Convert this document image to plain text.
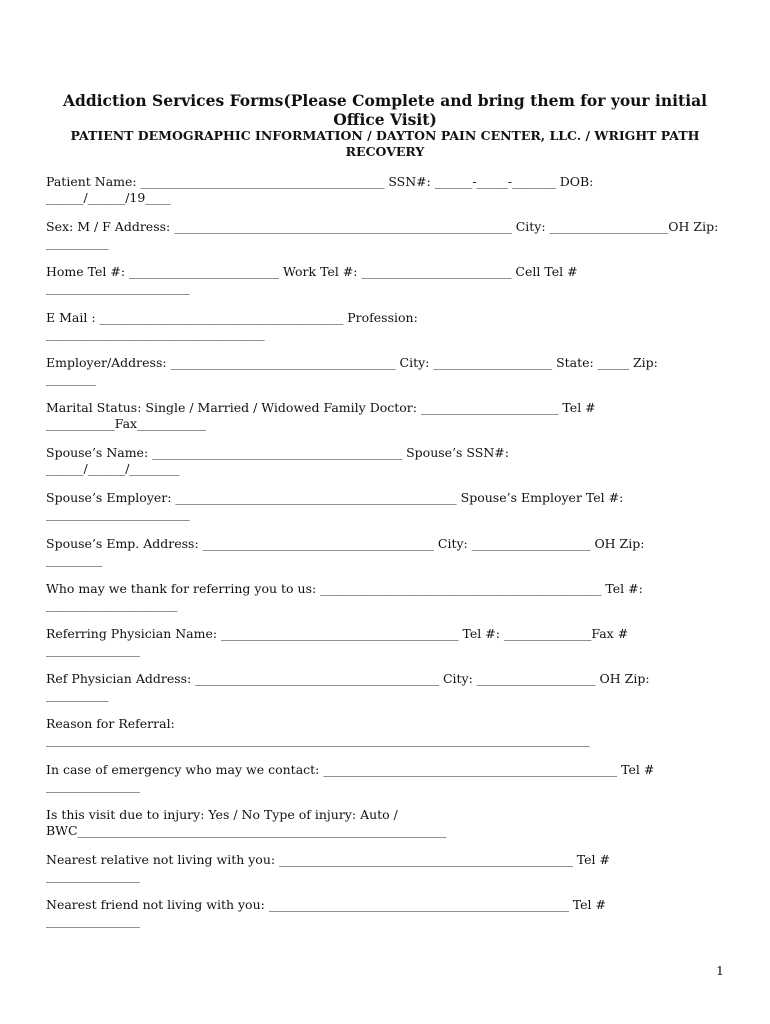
Addiction Services Forms(Please Complete and bring them for your initial Office Visit)
PATIENT DEMOGRAPHIC INFORMATION / DAYTON PAIN CENTER, LLC. / WRIGHT PATH RECOVERY
Patient Name: _______________________________________ SSN#: ______-_____-_______ DOB:
______/______/19____
Sex: M / F Address: ______________________________________________________ City: ___________________OH Zip:
__________
Home Tel #: ________________________ Work Tel #: ________________________ Cell Tel #
_______________________
E Mail : _______________________________________ Profession:
___________________________________
Employer/Address: ____________________________________ City: ___________________ State: _____ Zip:
________
Marital Status: Single / Married / Widowed Family Doctor: ______________________ Tel #
___________Fax___________
Spouse’s Name: ________________________________________ Spouse’s SSN#:
______/______/________
Spouse’s Employer: _____________________________________________ Spouse’s Employer Tel #:
_______________________
Spouse’s Emp. Address: _____________________________________ City: ___________________ OH Zip:
_________
Who may we thank for referring you to us: _____________________________________________ Tel #:
_____________________
Referring Physician Name: ______________________________________ Tel #: ______________Fax #
_______________
Ref Physician Address: _______________________________________ City: ___________________ OH Zip:
__________
Reason for Referral:
_______________________________________________________________________________________
In case of emergency who may we contact: _______________________________________________ Tel #
_______________
Is this visit due to injury: Yes / No Type of injury: Auto /
BWC___________________________________________________________
Nearest relative not living with you: _______________________________________________ Tel #
_______________
Nearest friend not living with you: ________________________________________________ Tel #
_______________
1
